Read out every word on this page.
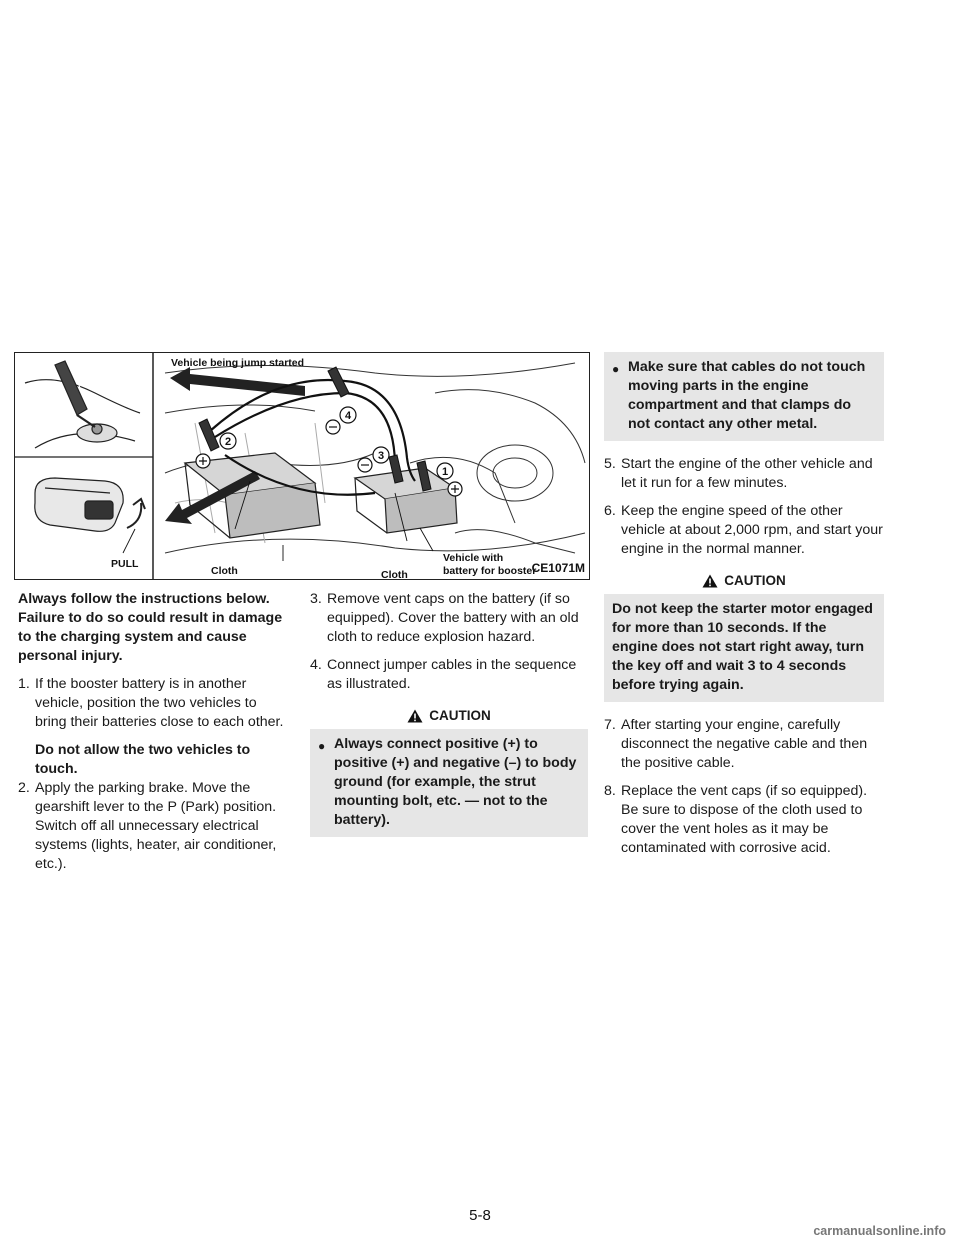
1
2
3
4
Vehicle being jump started
PULL
Cloth	Cloth
Vehicle with
battery for booster
CE1071M

Always follow the instructions below. Failure to do so could result in damage to the charging system and cause personal injury.

1. If the booster battery is in another vehicle, position the two vehicles to bring their batteries close to each other.

Do not allow the two vehicles to touch.

2. Apply the parking brake. Move the gearshift lever to the P (Park) position. Switch off all unnecessary electrical systems (lights, heater, air conditioner, etc.).
3. Remove vent caps on the battery (if so equipped). Cover the battery with an old cloth to reduce explosion hazard.
4. Connect jumper cables in the sequence as illustrated.
CAUTION
● Always connect positive (+) to positive (+) and negative (–) to body ground (for example, the strut mounting bolt, etc. — not to the battery).
● Make sure that cables do not touch moving parts in the engine compartment and that clamps do not contact any other metal.
5. Start the engine of the other vehicle and let it run for a few minutes.
6. Keep the engine speed of the other vehicle at about 2,000 rpm, and start your engine in the normal manner.
CAUTION
Do not keep the starter motor engaged for more than 10 seconds. If the engine does not start right away, turn the key off and wait 3 to 4 seconds before trying again.
7. After starting your engine, carefully disconnect the negative cable and then the positive cable.
8. Replace the vent caps (if so equipped). Be sure to dispose of the cloth used to cover the vent holes as it may be contaminated with corrosive acid.
5-8
carmanualsonline.info
